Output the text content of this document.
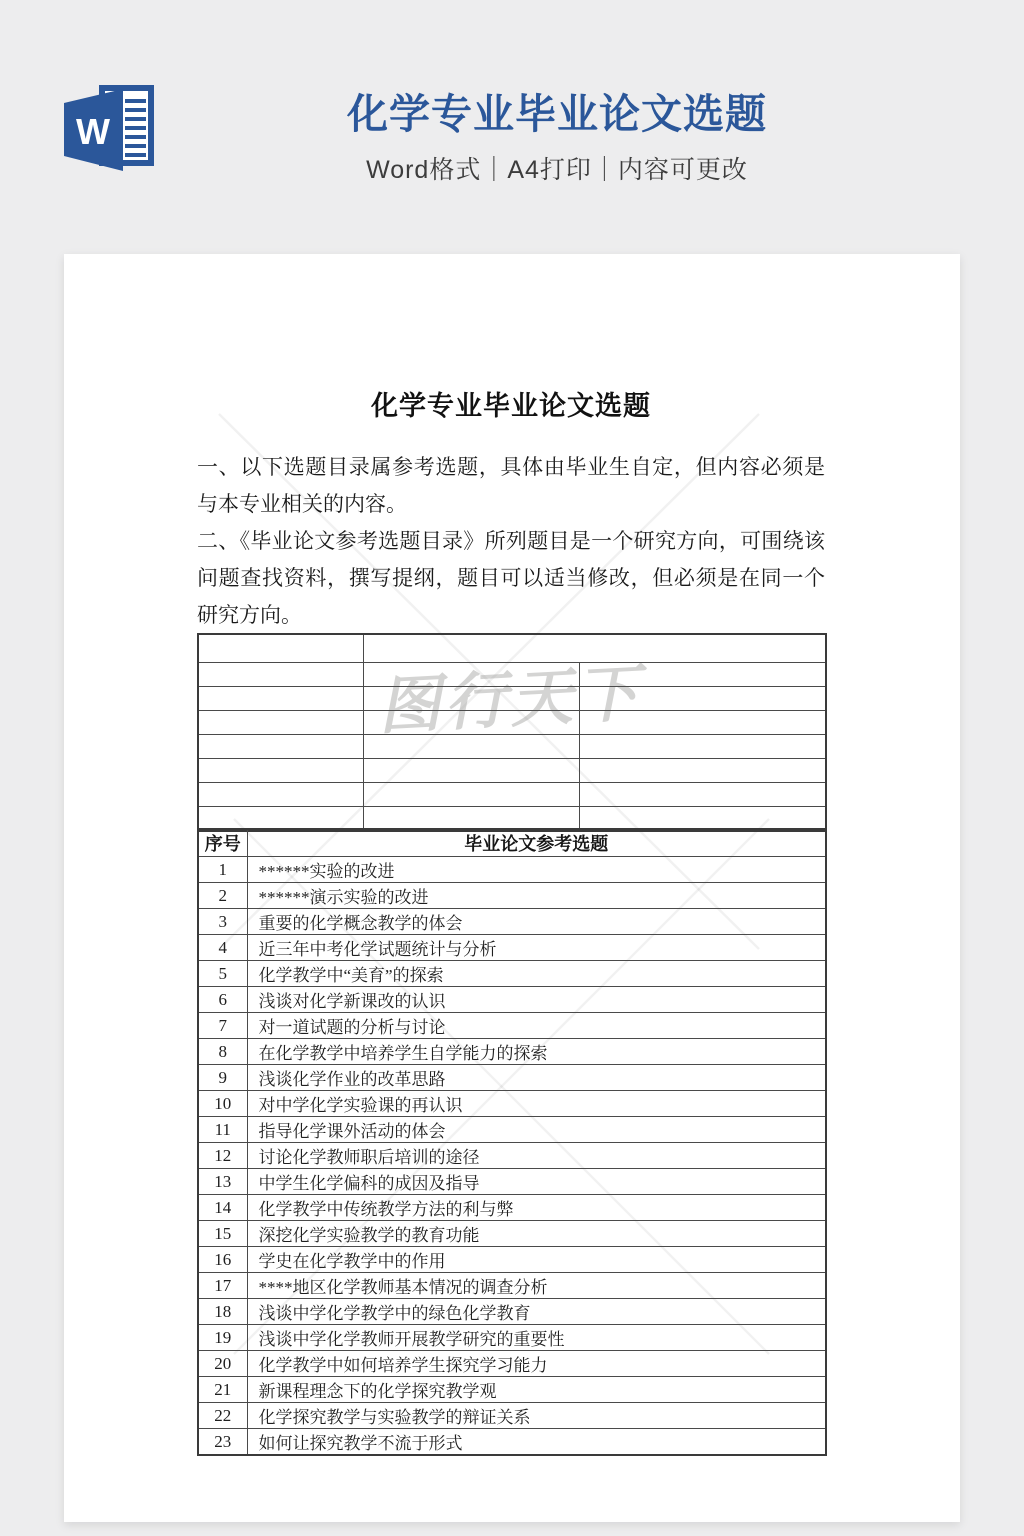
W	化学专业毕业论文选题

Word格式｜A4打印｜内容可更改

图行天下
化学专业毕业论文选题

一、以下选题目录属参考选题，具体由毕业生自定，但内容必须是与本专业相关的内容。

二、《毕业论文参考选题目录》所列题目是一个研究方向，可围绕该问题查找资料，撰写提纲，题目可以适当修改，但必须是在同一个研究方向。

序号	毕业论文参考选题
1	******实验的改进
2	******演示实验的改进
3	重要的化学概念教学的体会
4	近三年中考化学试题统计与分析
5	化学教学中“美育”的探索
6	浅谈对化学新课改的认识
7	对一道试题的分析与讨论
8	在化学教学中培养学生自学能力的探索
9	浅谈化学作业的改革思路
10	对中学化学实验课的再认识
11	指导化学课外活动的体会
12	讨论化学教师职后培训的途径
13	中学生化学偏科的成因及指导
14	化学教学中传统教学方法的利与弊
15	深挖化学实验教学的教育功能
16	学史在化学教学中的作用
17	****地区化学教师基本情况的调查分析
18	浅谈中学化学教学中的绿色化学教育
19	浅谈中学化学教师开展教学研究的重要性
20	化学教学中如何培养学生探究学习能力
21	新课程理念下的化学探究教学观
22	化学探究教学与实验教学的辩证关系
23	如何让探究教学不流于形式
